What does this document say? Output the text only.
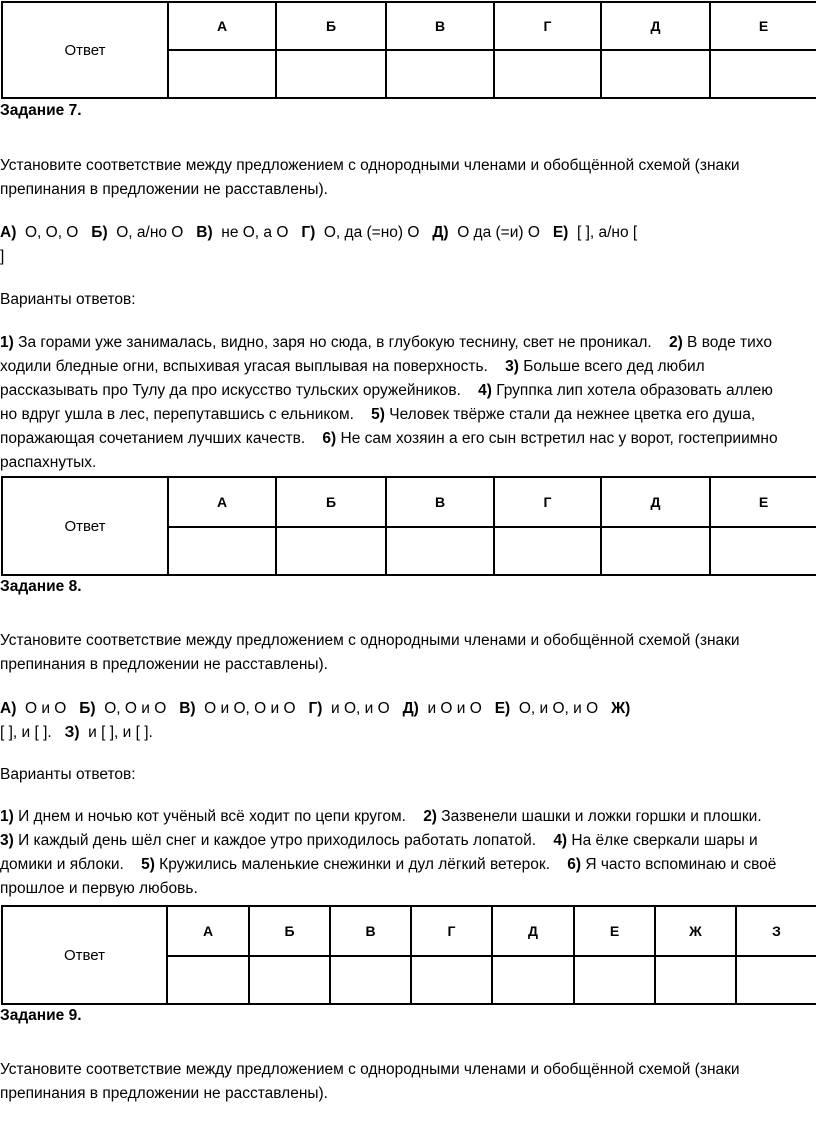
Ответ	А	Б	В	Г	Д	Е

Задание 7.
Установите соответствие между предложением с однородными членами и обобщённой схемой (знаки
препинания в предложении не расставлены).
А)  О, О, О   Б)  О, а/но О   В)  не О, а О   Г)  О, да (=но) О   Д)  О да (=и) О   Е)  [ ], а/но [
]
Варианты ответов:
1) За горами уже занималась, видно, заря но сюда, в глубокую теснину, свет не проникал.    2) В воде тихо
ходили бледные огни, вспыхивая угасая выплывая на поверхность.    3) Больше всего дед любил
рассказывать про Тулу да про искусство тульских оружейников.    4) Группка лип хотела образовать аллею
но вдруг ушла в лес, перепутавшись с ельником.    5) Человек твёрже стали да нежнее цветка его душа,
поражающая сочетанием лучших качеств.    6) Не сам хозяин а его сын встретил нас у ворот, гостеприимно
распахнутых.
Ответ	А	Б	В	Г	Д	Е

Задание 8.
Установите соответствие между предложением с однородными членами и обобщённой схемой (знаки
препинания в предложении не расставлены).
А)  О и О   Б)  О, О и О   В)  О и О, О и О   Г)  и О, и О   Д)  и О и О   Е)  О, и О, и О   Ж)
[ ], и [ ].   З)  и [ ], и [ ].
Варианты ответов:
1) И днем и ночью кот учёный всё ходит по цепи кругом.    2) Зазвенели шашки и ложки горшки и плошки.
3) И каждый день шёл снег и каждое утро приходилось работать лопатой.    4) На ёлке сверкали шары и
домики и яблоки.    5) Кружились маленькие снежинки и дул лёгкий ветерок.    6) Я часто вспоминаю и своё
прошлое и первую любовь.
Ответ	А	Б	В	Г	Д	Е	Ж	З

Задание 9.
Установите соответствие между предложением с однородными членами и обобщённой схемой (знаки
препинания в предложении не расставлены).
